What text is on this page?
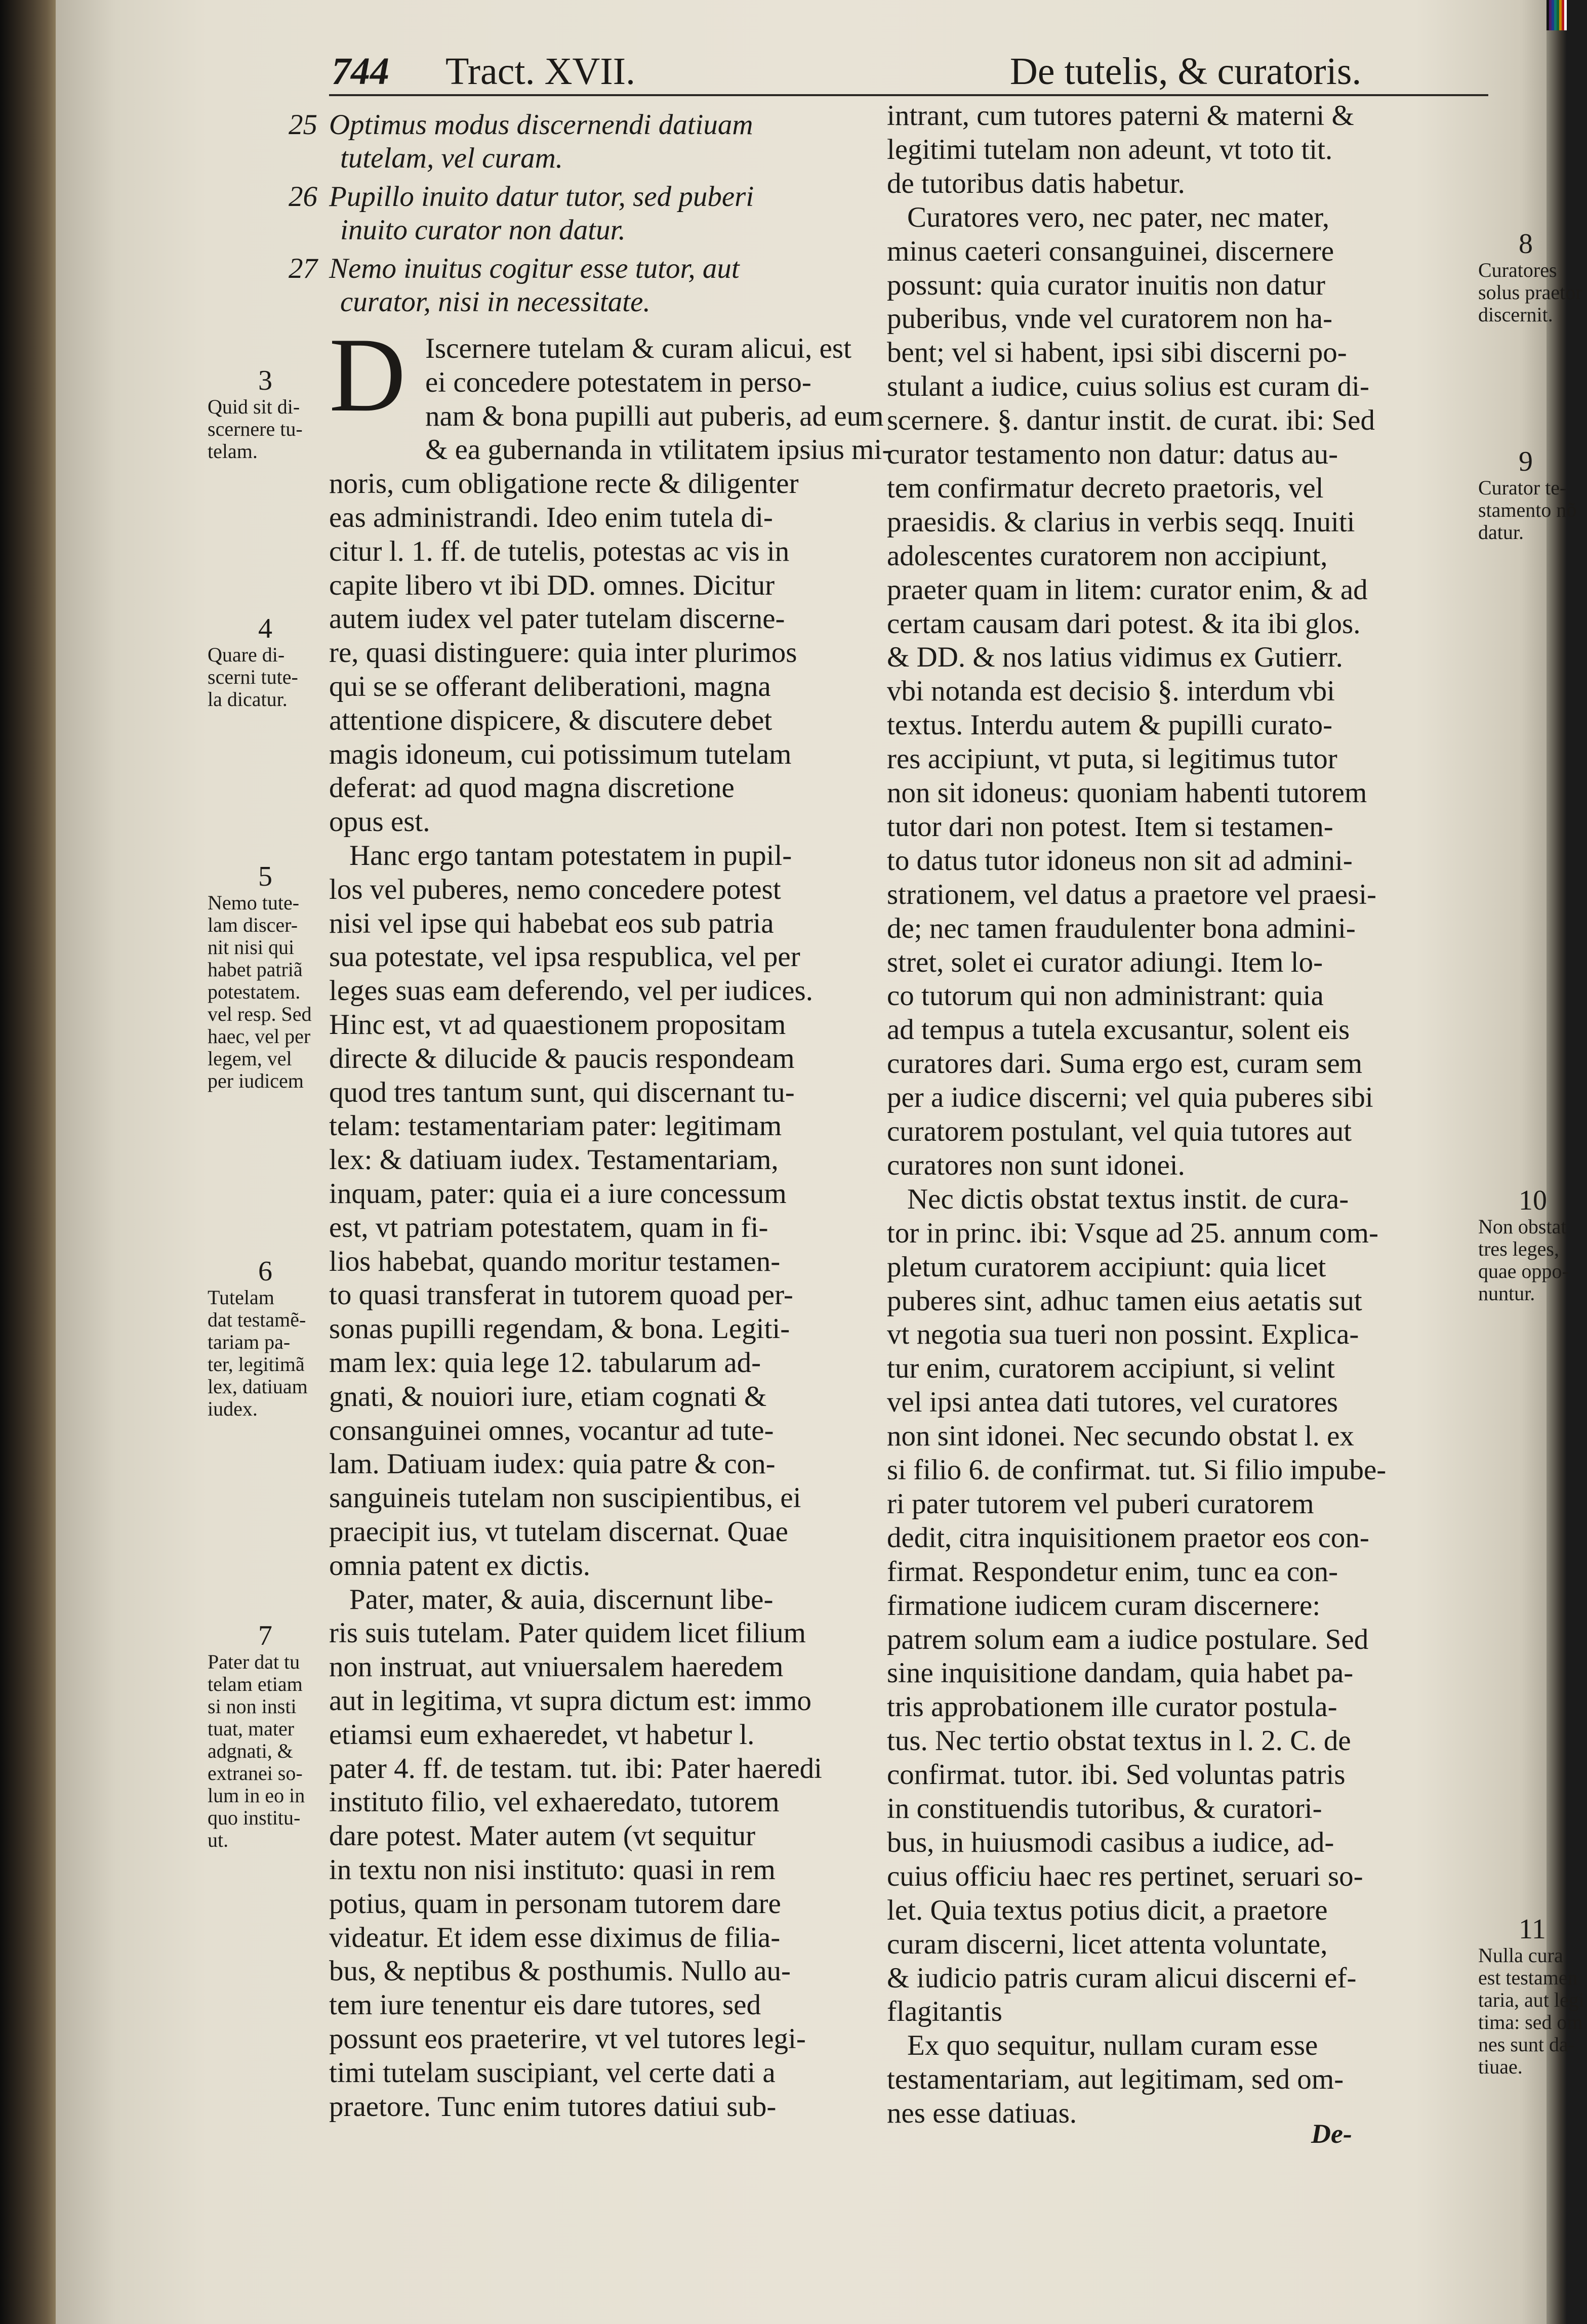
744 Tract. XVII.	De tutelis, & curatoris.
25 Optimus modus discernendi datiuam
tutelam, vel curam.
26 Pupillo inuito datur tutor, sed puberi
inuito curator non datur.
27 Nemo inuitus cogitur esse tutor, aut
curator, nisi in necessitate.
D Iscernere tutelam & curam alicui, est
ei concedere potestatem in perso-
nam & bona pupilli aut puberis, ad eum
& ea gubernanda in vtilitatem ipsius mi-
noris, cum obligatione recte & diligenter
eas administrandi. Ideo enim tutela di-
citur l. 1. ff. de tutelis, potestas ac vis in
capite libero vt ibi DD. omnes. Dicitur
autem iudex vel pater tutelam discerne-
re, quasi distinguere: quia inter plurimos
qui se se offerant deliberationi, magna
attentione dispicere, & discutere debet
magis idoneum, cui potissimum tutelam
deferat: ad quod magna discretione
opus est.
Hanc ergo tantam potestatem in pupil-
los vel puberes, nemo concedere potest
nisi vel ipse qui habebat eos sub patria
sua potestate, vel ipsa respublica, vel per
leges suas eam deferendo, vel per iudices.
Hinc est, vt ad quaestionem propositam
directe & dilucide & paucis respondeam
quod tres tantum sunt, qui discernant tu-
telam: testamentariam pater: legitimam
lex: & datiuam iudex. Testamentariam,
inquam, pater: quia ei a iure concessum
est, vt patriam potestatem, quam in fi-
lios habebat, quando moritur testamen-
to quasi transferat in tutorem quoad per-
sonas pupilli regendam, & bona. Legiti-
mam lex: quia lege 12. tabularum ad-
gnati, & nouiori iure, etiam cognati &
consanguinei omnes, vocantur ad tute-
lam. Datiuam iudex: quia patre & con-
sanguineis tutelam non suscipientibus, ei
praecipit ius, vt tutelam discernat. Quae
omnia patent ex dictis.
Pater, mater, & auia, discernunt libe-
ris suis tutelam. Pater quidem licet filium
non instruat, aut vniuersalem haeredem
aut in legitima, vt supra dictum est: immo
etiamsi eum exhaeredet, vt habetur l.
pater 4. ff. de testam. tut. ibi: Pater haeredi
instituto filio, vel exhaeredato, tutorem
dare potest. Mater autem (vt sequitur
in textu non nisi instituto: quasi in rem
potius, quam in personam tutorem dare
videatur. Et idem esse diximus de filia-
bus, & neptibus & posthumis. Nullo au-
tem iure tenentur eis dare tutores, sed
possunt eos praeterire, vt vel tutores legi-
timi tutelam suscipiant, vel certe dati a
praetore. Tunc enim tutores datiui sub-
intrant, cum tutores paterni & materni &
legitimi tutelam non adeunt, vt toto tit.
de tutoribus datis habetur.
Curatores vero, nec pater, nec mater,
minus caeteri consanguinei, discernere
possunt: quia curator inuitis non datur
puberibus, vnde vel curatorem non ha-
bent; vel si habent, ipsi sibi discerni po-
stulant a iudice, cuius solius est curam di-
scernere. §. dantur instit. de curat. ibi: Sed
curator testamento non datur: datus au-
tem confirmatur decreto praetoris, vel
praesidis. & clarius in verbis seqq. Inuiti
adolescentes curatorem non accipiunt,
praeter quam in litem: curator enim, & ad
certam causam dari potest. & ita ibi glos.
& DD. & nos latius vidimus ex Gutierr.
vbi notanda est decisio §. interdum vbi
textus. Interdu autem & pupilli curato-
res accipiunt, vt puta, si legitimus tutor
non sit idoneus: quoniam habenti tutorem
tutor dari non potest. Item si testamen-
to datus tutor idoneus non sit ad admini-
strationem, vel datus a praetore vel praesi-
de; nec tamen fraudulenter bona admini-
stret, solet ei curator adiungi. Item lo-
co tutorum qui non administrant: quia
ad tempus a tutela excusantur, solent eis
curatores dari. Suma ergo est, curam sem
per a iudice discerni; vel quia puberes sibi
curatorem postulant, vel quia tutores aut
curatores non sunt idonei.
Nec dictis obstat textus instit. de cura-
tor in princ. ibi: Vsque ad 25. annum com-
pletum curatorem accipiunt: quia licet
puberes sint, adhuc tamen eius aetatis sut
vt negotia sua tueri non possint. Explica-
tur enim, curatorem accipiunt, si velint
vel ipsi antea dati tutores, vel curatores
non sint idonei. Nec secundo obstat l. ex
si filio 6. de confirmat. tut. Si filio impube-
ri pater tutorem vel puberi curatorem
dedit, citra inquisitionem praetor eos con-
firmat. Respondetur enim, tunc ea con-
firmatione iudicem curam discernere:
patrem solum eam a iudice postulare. Sed
sine inquisitione dandam, quia habet pa-
tris approbationem ille curator postula-
tus. Nec tertio obstat textus in l. 2. C. de
confirmat. tutor. ibi. Sed voluntas patris
in constituendis tutoribus, & curatori-
bus, in huiusmodi casibus a iudice, ad-
cuius officiu haec res pertinet, seruari so-
let. Quia textus potius dicit, a praetore
curam discerni, licet attenta voluntate,
& iudicio patris curam alicui discerni ef-
flagitantis
Ex quo sequitur, nullam curam esse
testamentariam, aut legitimam, sed om-
nes esse datiuas.
3
Quid sit di-
scernere tu-
telam.
4
Quare di-
scerni tute-
la dicatur.
5
Nemo tute-
lam discer-
nit nisi qui
habet patriã
potestatem.
vel resp. Sed
haec, vel per
legem, vel
per iudicem
6
Tutelam
dat testamẽ-
tariam pa-
ter, legitimã
lex, datiuam
iudex.
7
Pater dat tu
telam etiam
si non insti
tuat, mater
adgnati, &
extranei so-
lum in eo in
quo institu-
ut.
8
Curatores
solus praetor
discernit.
9
Curator te-
stamento nõ
datur.
10
Non obstat
tres leges,
quae oppo-
nuntur.
11
Nulla cura
est testamen
taria, aut legi
tima: sed om
nes sunt da-
tiuae.
De-
